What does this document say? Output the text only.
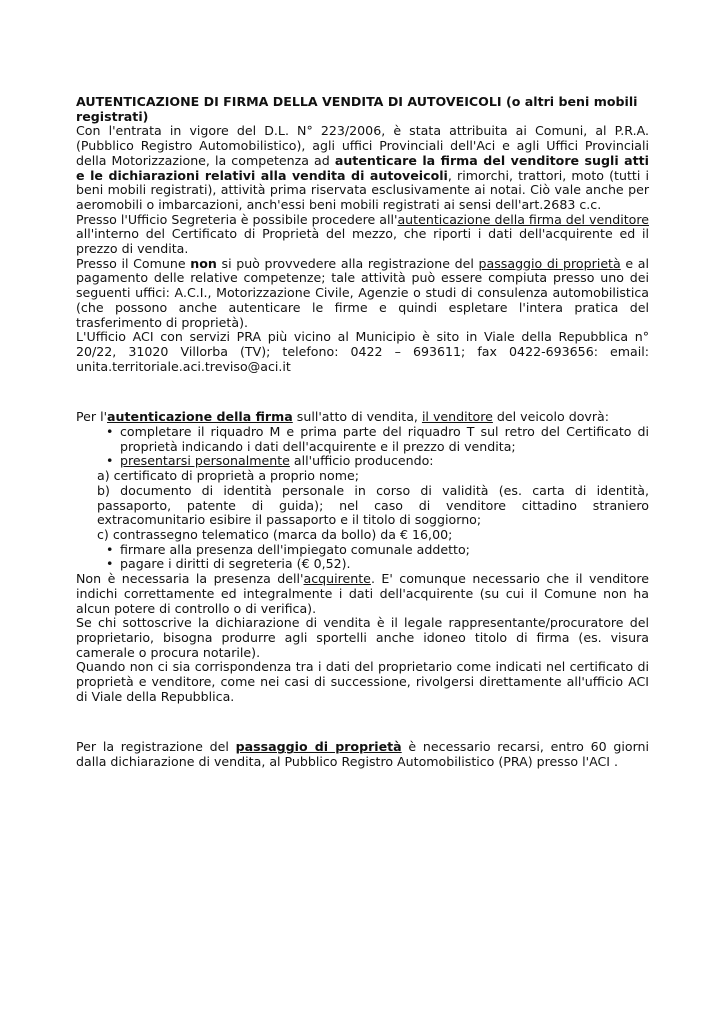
AUTENTICAZIONE DI FIRMA DELLA VENDITA DI AUTOVEICOLI (o altri beni mobili registrati)

Con l'entrata in vigore del D.L. N° 223/2006, è stata attribuita ai Comuni, al P.R.A. (Pubblico Registro Automobilistico), agli uffici Provinciali dell'Aci e agli Uffici Provinciali della Motorizzazione, la competenza ad autenticare la firma del venditore sugli atti e le dichiarazioni relativi alla vendita di autoveicoli, rimorchi, trattori, moto (tutti i beni mobili registrati), attività prima riservata esclusivamente ai notai. Ciò vale anche per aeromobili o imbarcazioni, anch'essi beni mobili registrati ai sensi dell'art.2683 c.c.

Presso l'Ufficio Segreteria è possibile procedere all'autenticazione della firma del venditore all'interno del Certificato di Proprietà del mezzo, che riporti i dati dell'acquirente ed il prezzo di vendita.

Presso il Comune non si può provvedere alla registrazione del passaggio di proprietà e al pagamento delle relative competenze; tale attività può essere compiuta presso uno dei seguenti uffici: A.C.I., Motorizzazione Civile, Agenzie o studi di consulenza automobilistica (che possono anche autenticare le firme e quindi espletare l'intera pratica del trasferimento di proprietà).

L'Ufficio ACI con servizi PRA più vicino al Municipio è sito in Viale della Repubblica n° 20/22, 31020 Villorba (TV); telefono: 0422 – 693611; fax 0422-693656: email: unita.territoriale.aci.treviso@aci.it

Per l'autenticazione della firma sull'atto di vendita, il venditore del veicolo dovrà:

• completare il riquadro M e prima parte del riquadro T sul retro del Certificato di proprietà indicando i dati dell'acquirente e il prezzo di vendita;
• presentarsi personalmente all'ufficio producendo:

a) certificato di proprietà a proprio nome;

b) documento di identità personale in corso di validità (es. carta di identità, passaporto, patente di guida); nel caso di venditore cittadino straniero extracomunitario esibire il passaporto e il titolo di soggiorno;

c) contrassegno telematico (marca da bollo) da € 16,00;

• firmare alla presenza dell'impiegato comunale addetto;
• pagare i diritti di segreteria (€ 0,52).

Non è necessaria la presenza dell'acquirente. E' comunque necessario che il venditore indichi correttamente ed integralmente i dati dell'acquirente (su cui il Comune non ha alcun potere di controllo o di verifica).

Se chi sottoscrive la dichiarazione di vendita è il legale rappresentante/procuratore del proprietario, bisogna produrre agli sportelli anche idoneo titolo di firma (es. visura camerale o procura notarile).

Quando non ci sia corrispondenza tra i dati del proprietario come indicati nel certificato di proprietà e venditore, come nei casi di successione, rivolgersi direttamente all'ufficio ACI di Viale della Repubblica.

Per la registrazione del passaggio di proprietà è necessario recarsi, entro 60 giorni dalla dichiarazione di vendita, al Pubblico Registro Automobilistico (PRA) presso l'ACI .
